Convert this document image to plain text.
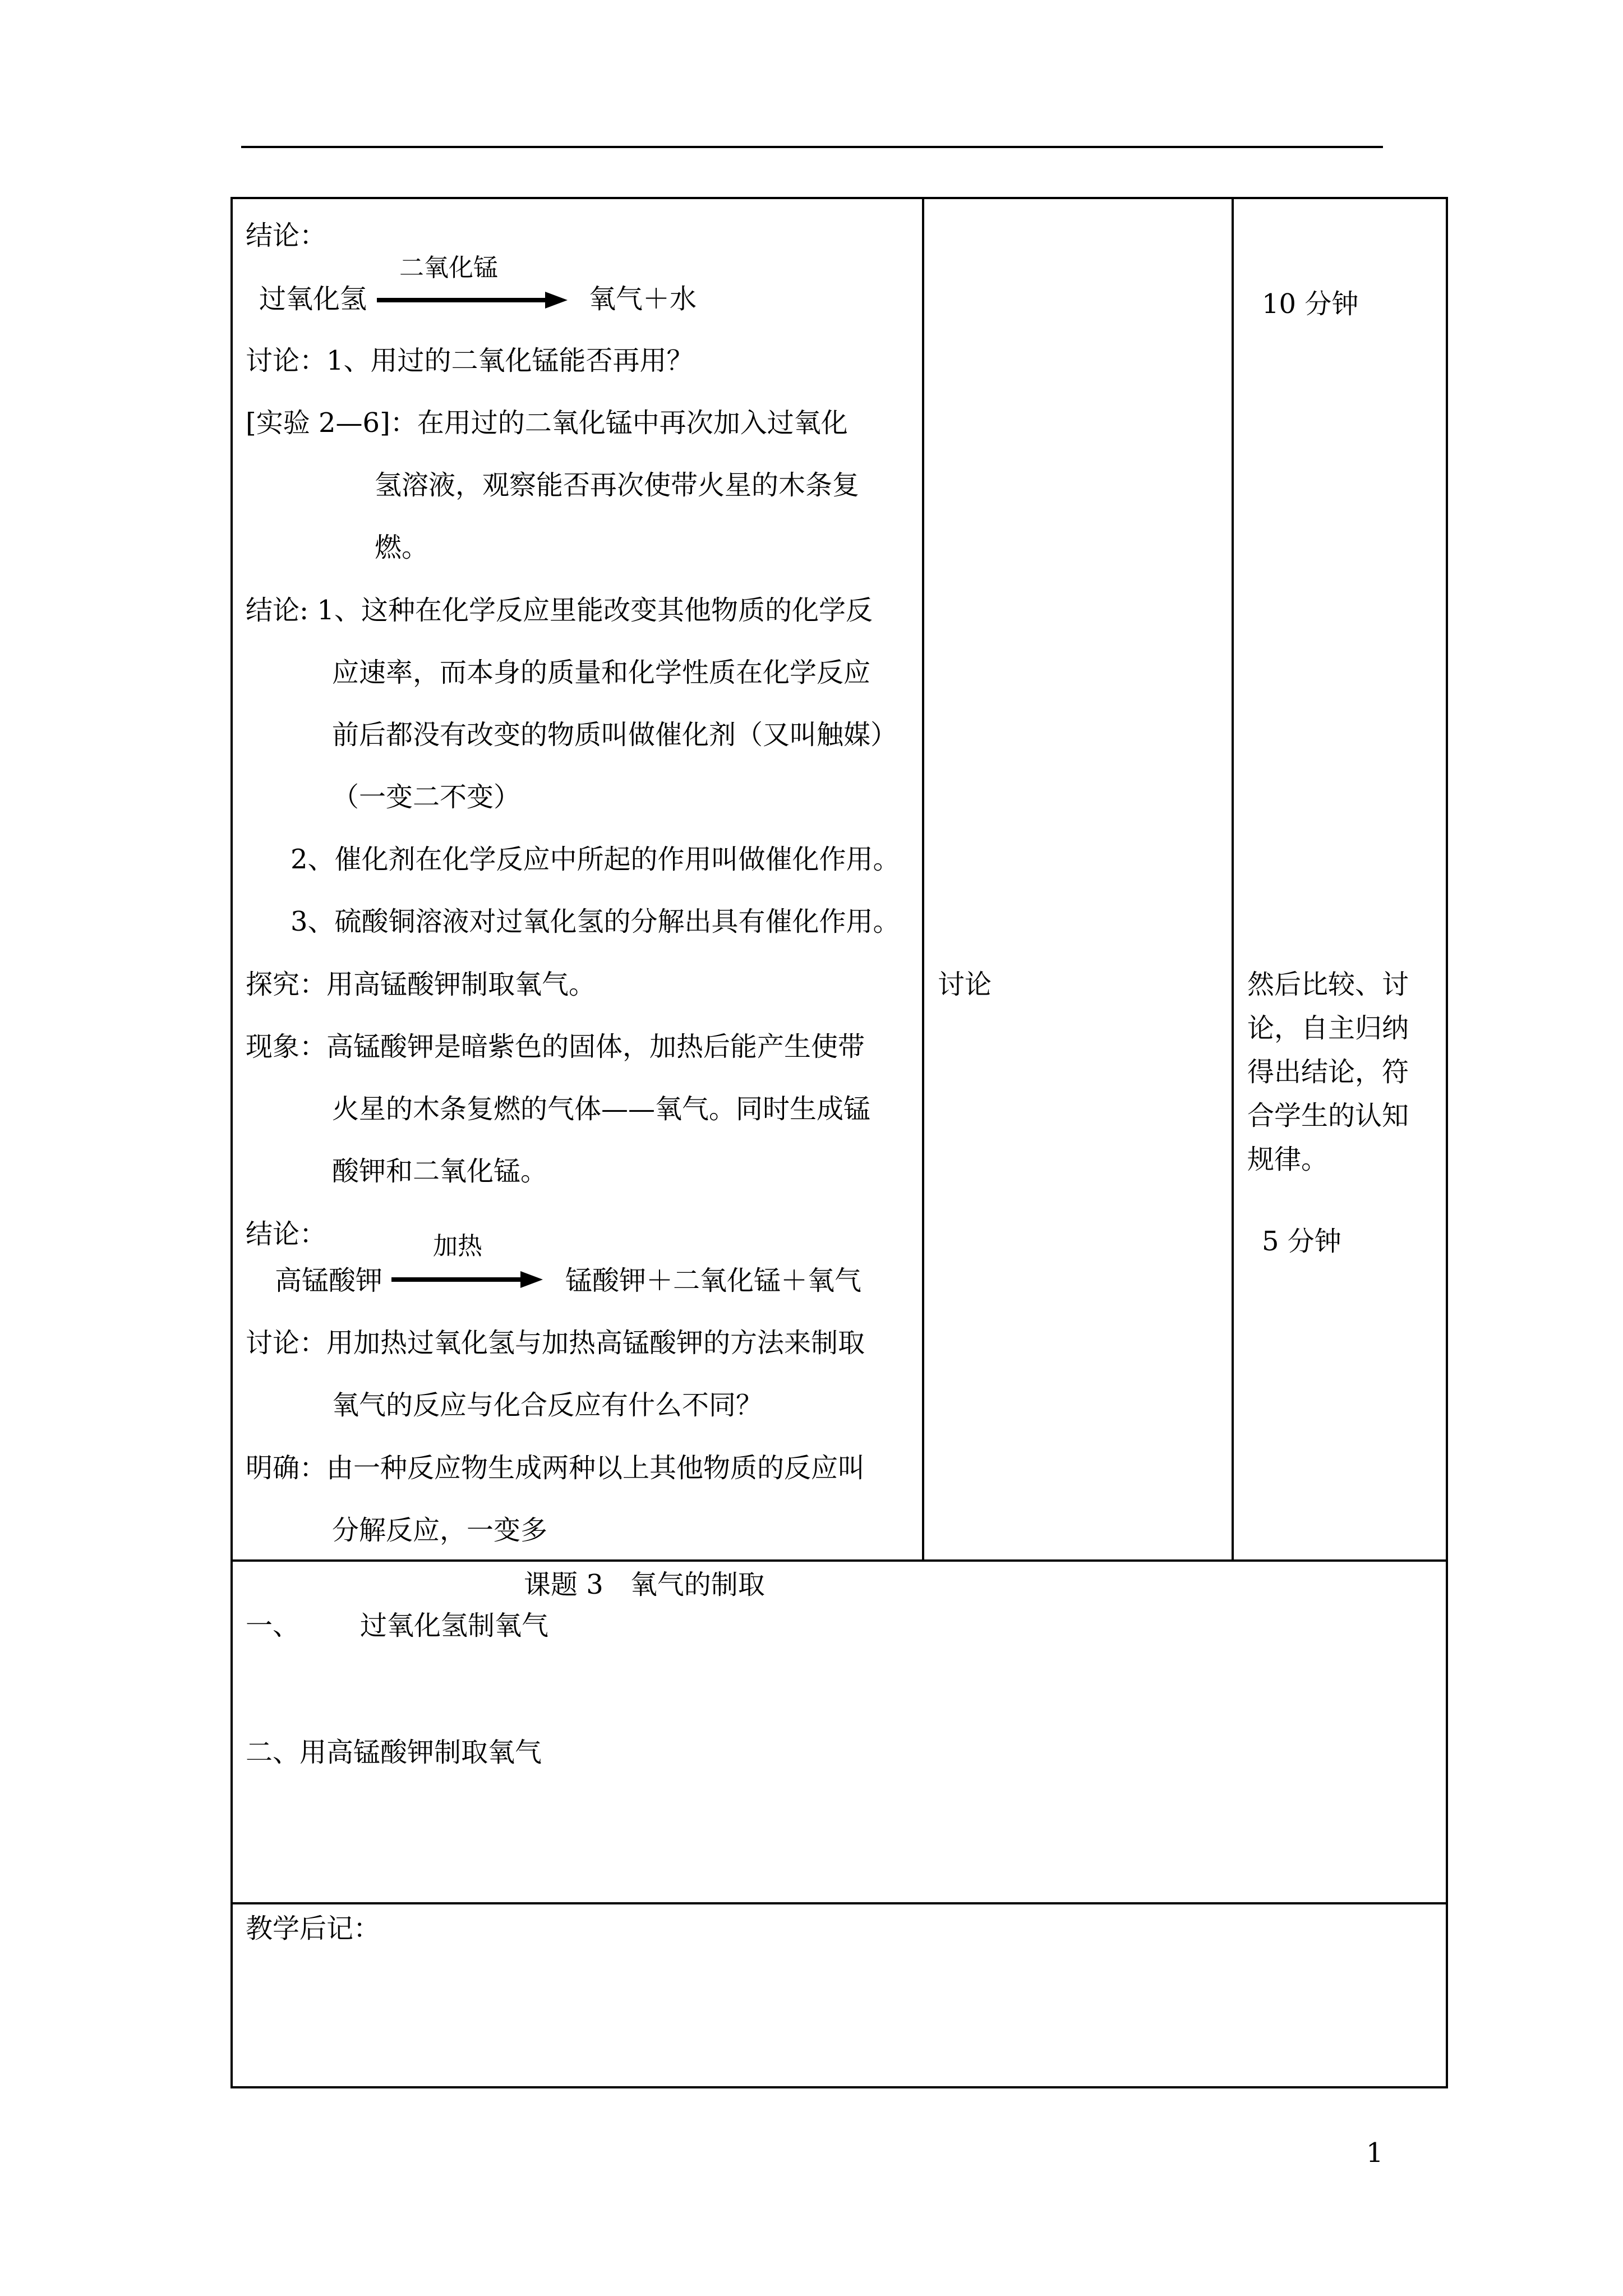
结论：
过氧化氢
二氧化锰
氧气＋水
讨论：1、用过的二氧化锰能否再用？
[实验 2—6]：在用过的二氧化锰中再次加入过氧化
氢溶液，观察能否再次使带火星的木条复
燃。
结论: 1、这种在化学反应里能改变其他物质的化学反
应速率，而本身的质量和化学性质在化学反应
前后都没有改变的物质叫做催化剂（又叫触媒）
（一变二不变）
2、催化剂在化学反应中所起的作用叫做催化作用。
3、硫酸铜溶液对过氧化氢的分解出具有催化作用。
探究：用高锰酸钾制取氧气。
现象：高锰酸钾是暗紫色的固体，加热后能产生使带
火星的木条复燃的气体——氧气。同时生成锰
酸钾和二氧化锰。
结论：
高锰酸钾
加热
锰酸钾＋二氧化锰＋氧气
讨论：用加热过氧化氢与加热高锰酸钾的方法来制取
氧气的反应与化合反应有什么不同？
明确：由一种反应物生成两种以上其他物质的反应叫
分解反应，一变多
讨论
10 分钟
然后比较、讨
论，自主归纳
得出结论，符
合学生的认知
规律。
5 分钟
课题 3　氧气的制取
一、 过氧化氢制氧气
二、用高锰酸钾制取氧气
教学后记：
1
